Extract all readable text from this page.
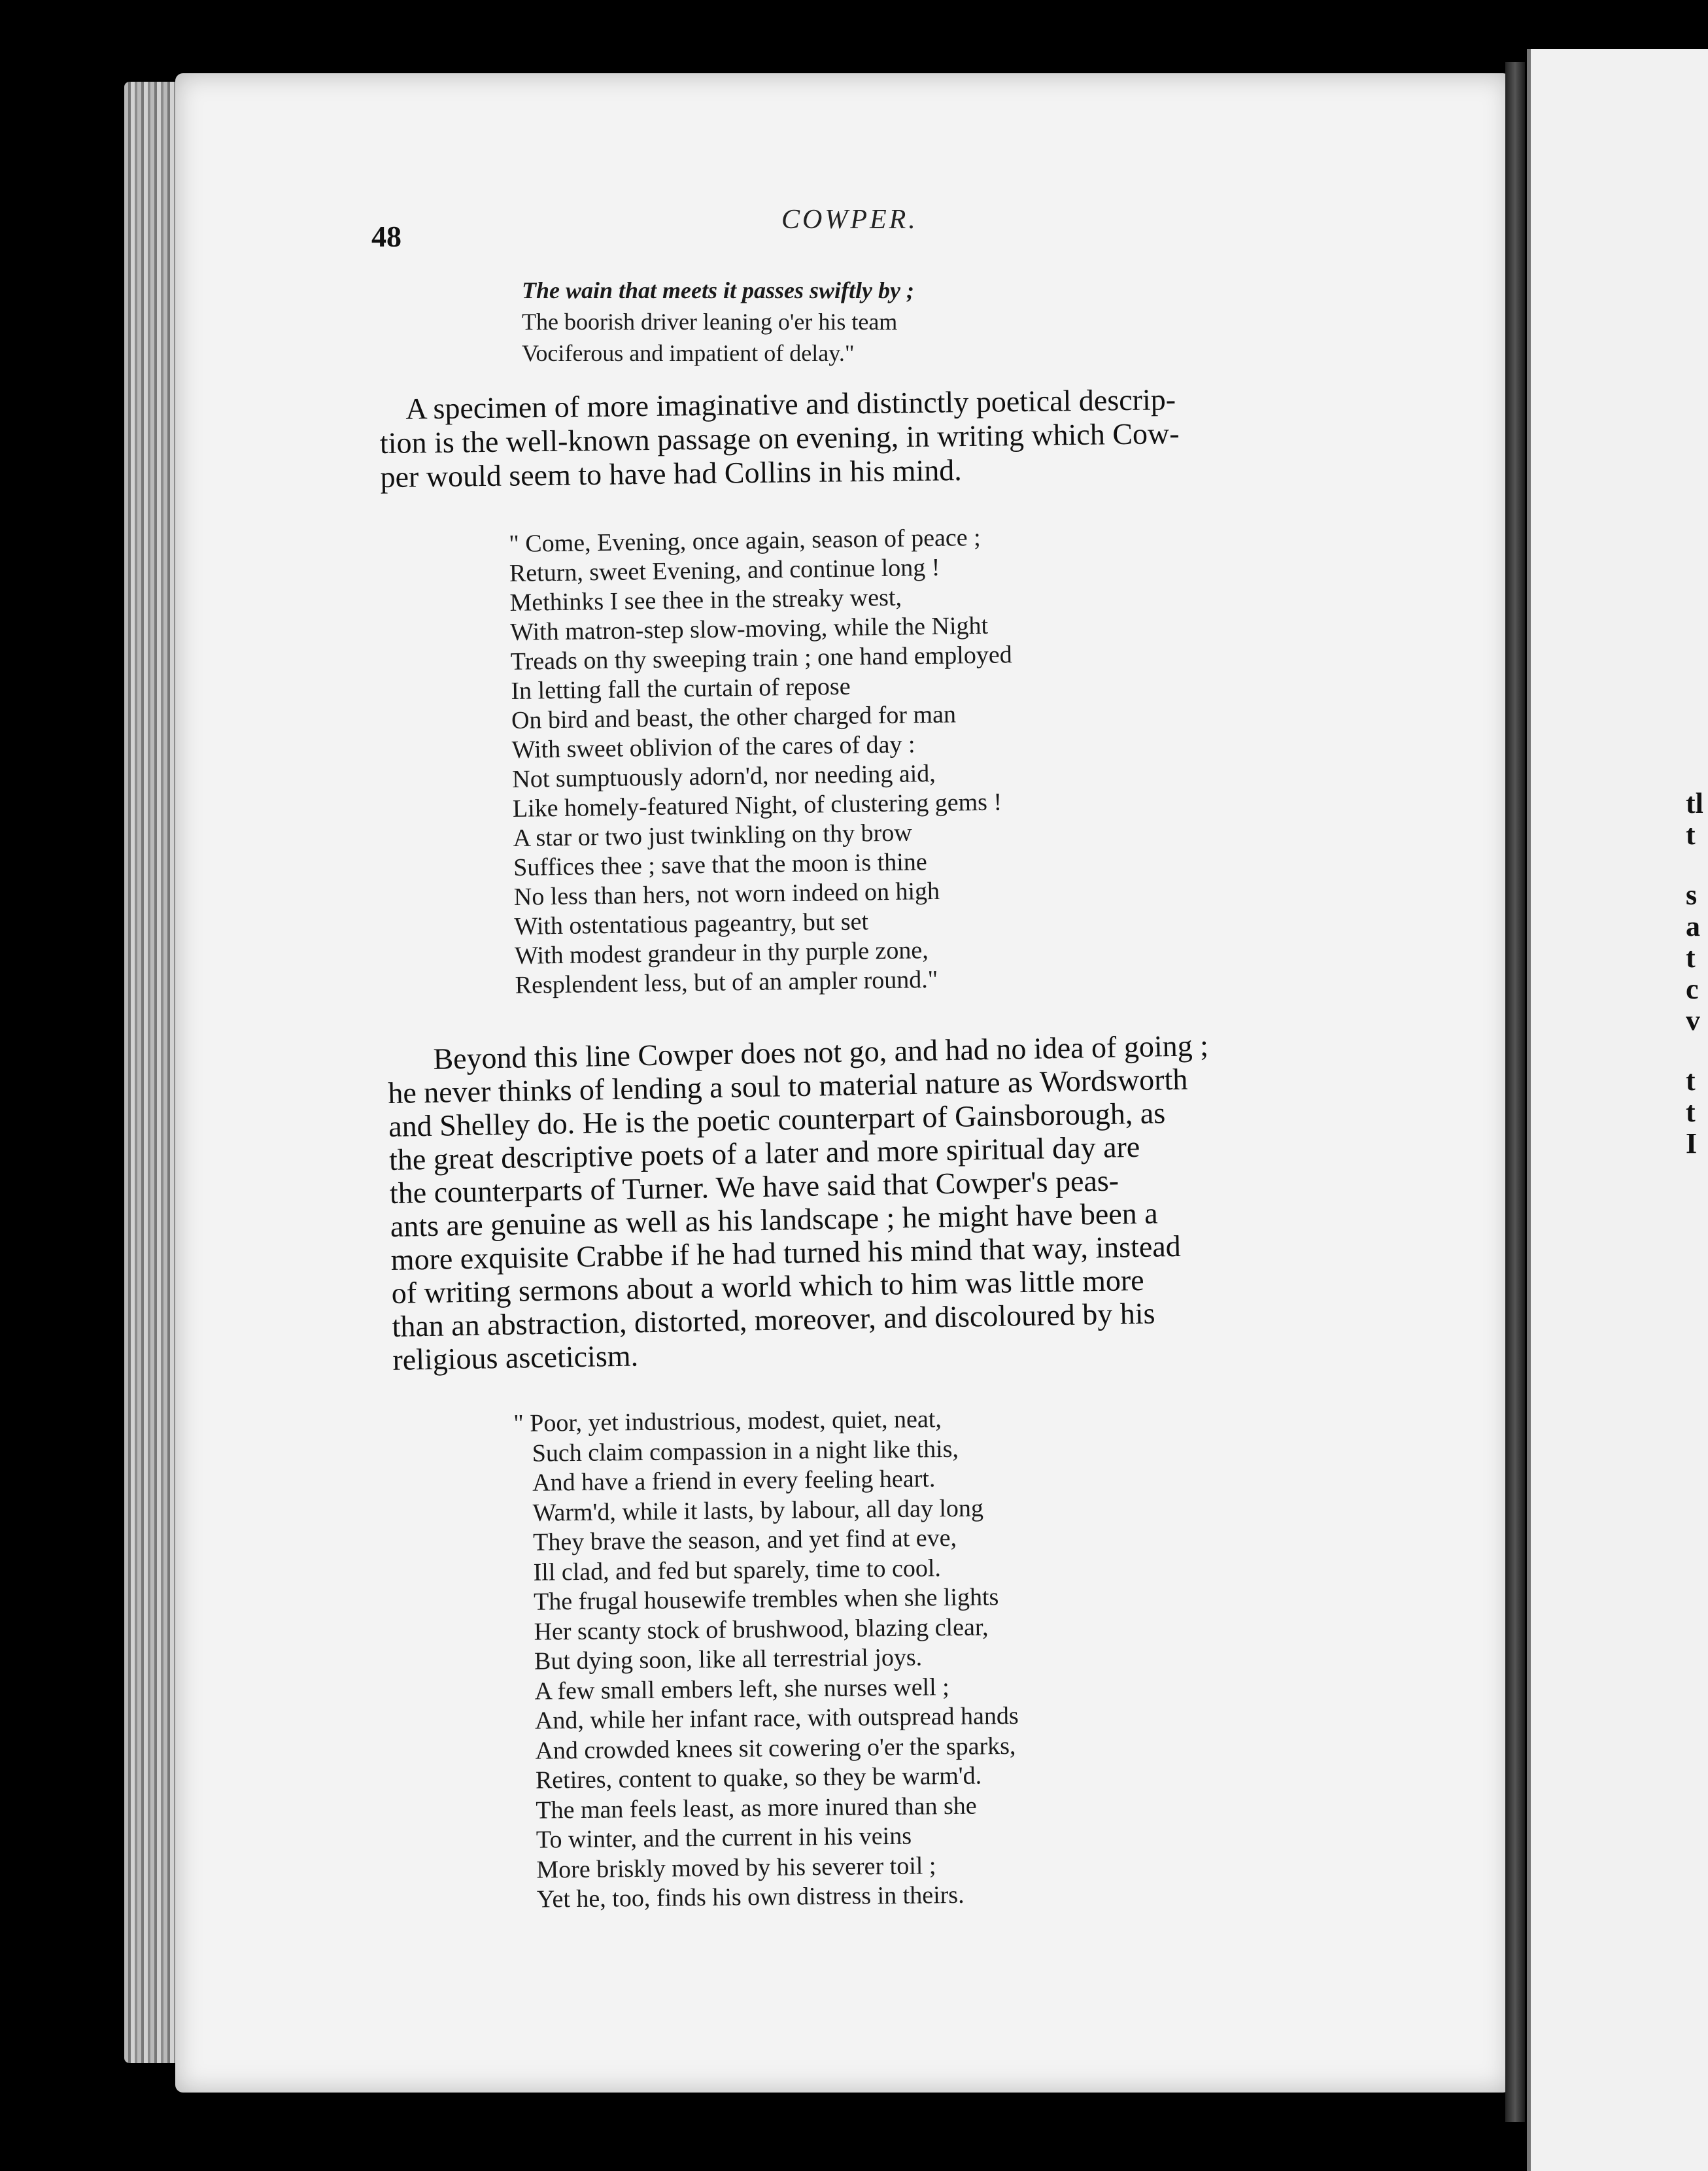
tl
t
s
a
t
c
v
t
t
I
48	COWPER.
The wain that meets it passes swiftly by ;
The boorish driver leaning o'er his team
Vociferous and impatient of delay."
A specimen of more imaginative and distinctly poetical descrip-
tion is the well-known passage on evening, in writing which Cow-
per would seem to have had Collins in his mind.
" Come, Evening, once again, season of peace ;
Return, sweet Evening, and continue long !
Methinks I see thee in the streaky west,
With matron-step slow-moving, while the Night
Treads on thy sweeping train ; one hand employed
In letting fall the curtain of repose
On bird and beast, the other charged for man
With sweet oblivion of the cares of day :
Not sumptuously adorn'd, nor needing aid,
Like homely-featured Night, of clustering gems !
A star or two just twinkling on thy brow
Suffices thee ; save that the moon is thine
No less than hers, not worn indeed on high
With ostentatious pageantry, but set
With modest grandeur in thy purple zone,
Resplendent less, but of an ampler round."
Beyond this line Cowper does not go, and had no idea of going ;
he never thinks of lending a soul to material nature as Wordsworth
and Shelley do. He is the poetic counterpart of Gainsborough, as
the great descriptive poets of a later and more spiritual day are
the counterparts of Turner. We have said that Cowper's peas-
ants are genuine as well as his landscape ; he might have been a
more exquisite Crabbe if he had turned his mind that way, instead
of writing sermons about a world which to him was little more
than an abstraction, distorted, moreover, and discoloured by his
religious asceticism.
" Poor, yet industrious, modest, quiet, neat,
Such claim compassion in a night like this,
And have a friend in every feeling heart.
Warm'd, while it lasts, by labour, all day long
They brave the season, and yet find at eve,
Ill clad, and fed but sparely, time to cool.
The frugal housewife trembles when she lights
Her scanty stock of brushwood, blazing clear,
But dying soon, like all terrestrial joys.
A few small embers left, she nurses well ;
And, while her infant race, with outspread hands
And crowded knees sit cowering o'er the sparks,
Retires, content to quake, so they be warm'd.
The man feels least, as more inured than she
To winter, and the current in his veins
More briskly moved by his severer toil ;
Yet he, too, finds his own distress in theirs.
